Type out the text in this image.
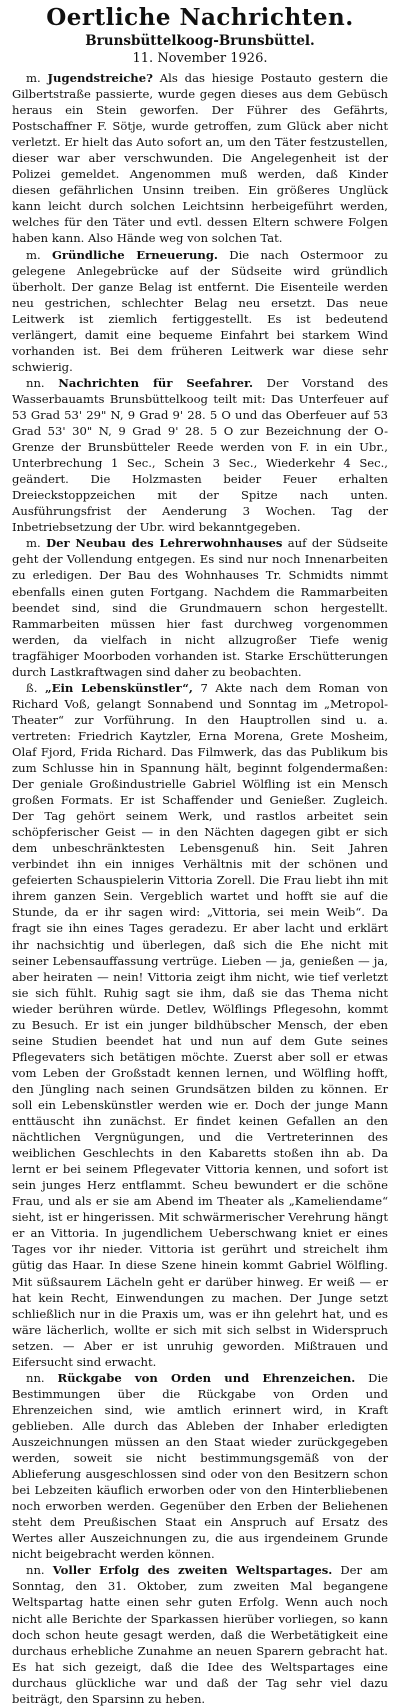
Oertliche Nachrichten.
Brunsbüttelkoog-Brunsbüttel.
11. November 1926.

m. Jugendstreiche? Als das hiesige Postauto gestern die Gilbertstraße passierte, wurde gegen dieses aus dem Gebüsch heraus ein Stein geworfen. Der Führer des Gefährts, Postschaffner F. Sötje, wurde getroffen, zum Glück aber nicht verletzt. Er hielt das Auto sofort an, um den Täter festzustellen, dieser war aber verschwunden. Die Angelegenheit ist der Polizei gemeldet. Angenommen muß werden, daß Kinder diesen gefährlichen Unsinn treiben. Ein größeres Unglück kann leicht durch solchen Leichtsinn herbeigeführt werden, welches für den Täter und evtl. dessen Eltern schwere Folgen haben kann. Also Hände weg von solchen Tat.

m. Gründliche Erneuerung. Die nach Ostermoor zu gelegene Anlegebrücke auf der Südseite wird gründlich überholt. Der ganze Belag ist entfernt. Die Eisenteile werden neu gestrichen, schlechter Belag neu ersetzt. Das neue Leitwerk ist ziemlich fertiggestellt. Es ist bedeutend verlängert, damit eine bequeme Einfahrt bei starkem Wind vorhanden ist. Bei dem früheren Leitwerk war diese sehr schwierig.

nn. Nachrichten für Seefahrer. Der Vorstand des Wasserbauamts Brunsbüttelkoog teilt mit: Das Unterfeuer auf 53 Grad 53' 29" N, 9 Grad 9' 28. 5 O und das Oberfeuer auf 53 Grad 53' 30" N, 9 Grad 9' 28. 5 O zur Bezeichnung der O-Grenze der Brunsbütteler Reede werden von F. in ein Ubr., Unterbrechung 1 Sec., Schein 3 Sec., Wiederkehr 4 Sec., geändert. Die Holzmasten beider Feuer erhalten Dreieckstoppzeichen mit der Spitze nach unten. Ausführungsfrist der Aenderung 3 Wochen. Tag der Inbetriebsetzung der Ubr. wird bekanntgegeben.

m. Der Neubau des Lehrerwohnhauses auf der Südseite geht der Vollendung entgegen. Es sind nur noch Innenarbeiten zu erledigen. Der Bau des Wohnhauses Tr. Schmidts nimmt ebenfalls einen guten Fortgang. Nachdem die Rammarbeiten beendet sind, sind die Grundmauern schon hergestellt. Rammarbeiten müssen hier fast durchweg vorgenommen werden, da vielfach in nicht allzugroßer Tiefe wenig tragfähiger Moorboden vorhanden ist. Starke Erschütterungen durch Lastkraftwagen sind daher zu beobachten.

ß. „Ein Lebenskünstler“, 7 Akte nach dem Roman von Richard Voß, gelangt Sonnabend und Sonntag im „Metropol-Theater“ zur Vorführung. In den Hauptrollen sind u. a. vertreten: Friedrich Kaytzler, Erna Morena, Grete Mosheim, Olaf Fjord, Frida Richard. Das Filmwerk, das das Publikum bis zum Schlusse hin in Spannung hält, beginnt folgendermaßen: Der geniale Großindustrielle Gabriel Wölfling ist ein Mensch großen Formats. Er ist Schaffender und Genießer. Zugleich. Der Tag gehört seinem Werk, und rastlos arbeitet sein schöpferischer Geist — in den Nächten dagegen gibt er sich dem unbeschränktesten Lebensgenuß hin. Seit Jahren verbindet ihn ein inniges Verhältnis mit der schönen und gefeierten Schauspielerin Vittoria Zorell. Die Frau liebt ihn mit ihrem ganzen Sein. Vergeblich wartet und hofft sie auf die Stunde, da er ihr sagen wird: „Vittoria, sei mein Weib“. Da fragt sie ihn eines Tages geradezu. Er aber lacht und erklärt ihr nachsichtig und überlegen, daß sich die Ehe nicht mit seiner Lebensauffassung vertrüge. Lieben — ja, genießen — ja, aber heiraten — nein! Vittoria zeigt ihm nicht, wie tief verletzt sie sich fühlt. Ruhig sagt sie ihm, daß sie das Thema nicht wieder berühren würde. Detlev, Wölflings Pflegesohn, kommt zu Besuch. Er ist ein junger bildhübscher Mensch, der eben seine Studien beendet hat und nun auf dem Gute seines Pflegevaters sich betätigen möchte. Zuerst aber soll er etwas vom Leben der Großstadt kennen lernen, und Wölfling hofft, den Jüngling nach seinen Grundsätzen bilden zu können. Er soll ein Lebenskünstler werden wie er. Doch der junge Mann enttäuscht ihn zunächst. Er findet keinen Gefallen an den nächtlichen Vergnügungen, und die Vertreterinnen des weiblichen Geschlechts in den Kabaretts stoßen ihn ab. Da lernt er bei seinem Pflegevater Vittoria kennen, und sofort ist sein junges Herz entflammt. Scheu bewundert er die schöne Frau, und als er sie am Abend im Theater als „Kameliendame“ sieht, ist er hingerissen. Mit schwärmerischer Verehrung hängt er an Vittoria. In jugendlichem Ueberschwang kniet er eines Tages vor ihr nieder. Vittoria ist gerührt und streichelt ihm gütig das Haar. In diese Szene hinein kommt Gabriel Wölfling. Mit süßsaurem Lächeln geht er darüber hinweg. Er weiß — er hat kein Recht, Einwendungen zu machen. Der Junge setzt schließlich nur in die Praxis um, was er ihn gelehrt hat, und es wäre lächerlich, wollte er sich mit sich selbst in Widerspruch setzen. — Aber er ist unruhig geworden. Mißtrauen und Eifersucht sind erwacht.

nn. Rückgabe von Orden und Ehrenzeichen. Die Bestimmungen über die Rückgabe von Orden und Ehrenzeichen sind, wie amtlich erinnert wird, in Kraft geblieben. Alle durch das Ableben der Inhaber erledigten Auszeichnungen müssen an den Staat wieder zurückgegeben werden, soweit sie nicht bestimmungsgemäß von der Ablieferung ausgeschlossen sind oder von den Besitzern schon bei Lebzeiten käuflich erworben oder von den Hinterbliebenen noch erworben werden. Gegenüber den Erben der Beliehenen steht dem Preußischen Staat ein Anspruch auf Ersatz des Wertes aller Auszeichnungen zu, die aus irgendeinem Grunde nicht beigebracht werden können.

nn. Voller Erfolg des zweiten Weltspartages. Der am Sonntag, den 31. Oktober, zum zweiten Mal begangene Weltspartag hatte einen sehr guten Erfolg. Wenn auch noch nicht alle Berichte der Sparkassen hierüber vorliegen, so kann doch schon heute gesagt werden, daß die Werbetätigkeit eine durchaus erhebliche Zunahme an neuen Sparern gebracht hat. Es hat sich gezeigt, daß die Idee des Weltspartages eine durchaus glückliche war und daß der Tag sehr viel dazu beiträgt, den Sparsinn zu heben.
